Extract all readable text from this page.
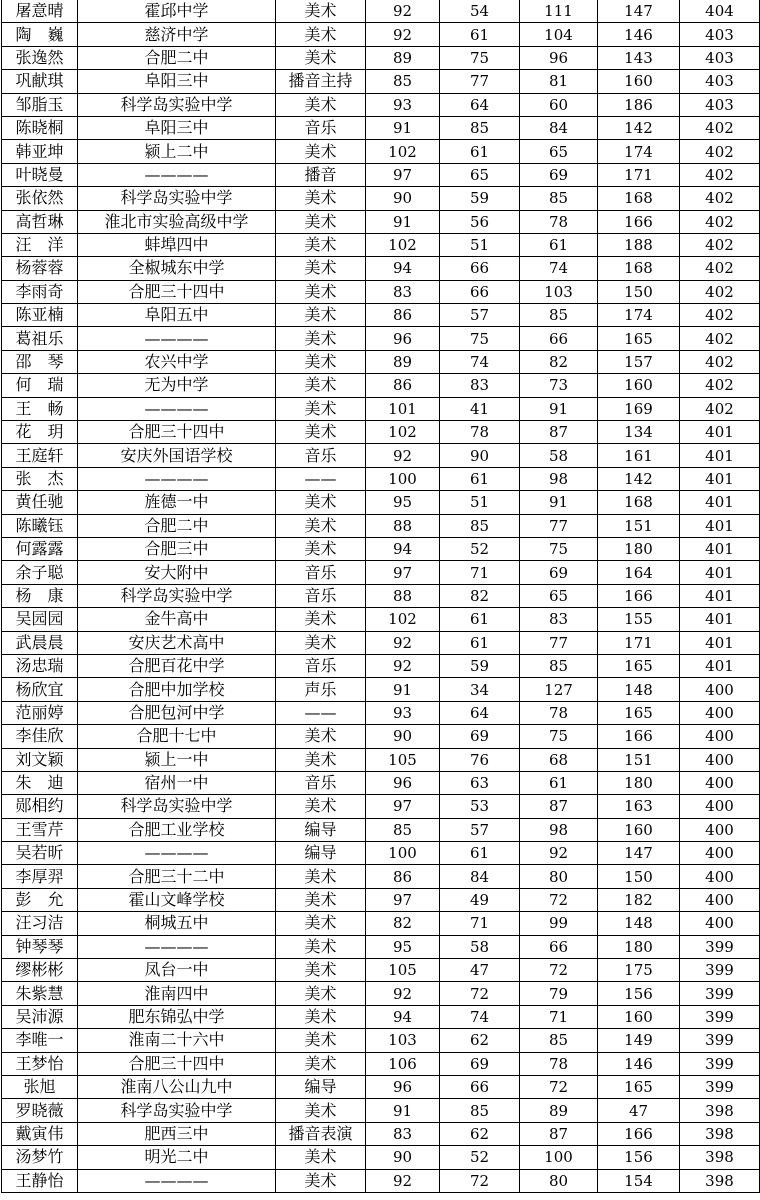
屠意晴	霍邱中学	美术	92	54	111	147	404
陶　巍	慈济中学	美术	92	61	104	146	403
张逸然	合肥二中	美术	89	75	96	143	403
巩献琪	阜阳三中	播音主持	85	77	81	160	403
邹脂玉	科学岛实验中学	美术	93	64	60	186	403
陈晓桐	阜阳三中	音乐	91	85	84	142	402
韩亚坤	颍上二中	美术	102	61	65	174	402
叶晓曼	————	播音	97	65	69	171	402
张依然	科学岛实验中学	美术	90	59	85	168	402
高哲琳	淮北市实验高级中学	美术	91	56	78	166	402
汪　洋	蚌埠四中	美术	102	51	61	188	402
杨蓉蓉	全椒城东中学	美术	94	66	74	168	402
李雨奇	合肥三十四中	美术	83	66	103	150	402
陈亚楠	阜阳五中	美术	86	57	85	174	402
葛祖乐	————	美术	96	75	66	165	402
邵　琴	农兴中学	美术	89	74	82	157	402
何　瑞	无为中学	美术	86	83	73	160	402
王　畅	————	美术	101	41	91	169	402
花　玥	合肥三十四中	美术	102	78	87	134	401
王庭轩	安庆外国语学校	音乐	92	90	58	161	401
张　杰	————	——	100	61	98	142	401
黄任驰	旌德一中	美术	95	51	91	168	401
陈曦钰	合肥二中	美术	88	85	77	151	401
何露露	合肥三中	美术	94	52	75	180	401
余子聪	安大附中	音乐	97	71	69	164	401
杨　康	科学岛实验中学	音乐	88	82	65	166	401
吴园园	金牛高中	美术	102	61	83	155	401
武晨晨	安庆艺术高中	美术	92	61	77	171	401
汤忠瑞	合肥百花中学	音乐	92	59	85	165	401
杨欣宜	合肥中加学校	声乐	91	34	127	148	400
范丽婷	合肥包河中学	——	93	64	78	165	400
李佳欣	合肥十七中	美术	90	69	75	166	400
刘文颖	颍上一中	美术	105	76	68	151	400
朱　迪	宿州一中	音乐	96	63	61	180	400
郧相约	科学岛实验中学	美术	97	53	87	163	400
王雪芹	合肥工业学校	编导	85	57	98	160	400
吴若昕	————	编导	100	61	92	147	400
李厚羿	合肥三十二中	美术	86	84	80	150	400
彭　允	霍山文峰学校	美术	97	49	72	182	400
汪习洁	桐城五中	美术	82	71	99	148	400
钟琴琴	————	美术	95	58	66	180	399
缪彬彬	凤台一中	美术	105	47	72	175	399
朱紫慧	淮南四中	美术	92	72	79	156	399
吴沛源	肥东锦弘中学	美术	94	74	71	160	399
李唯一	淮南二十六中	美术	103	62	85	149	399
王梦怡	合肥三十四中	美术	106	69	78	146	399
张旭	淮南八公山九中	编导	96	66	72	165	399
罗晓薇	科学岛实验中学	美术	91	85	89	47	398
戴寅伟	肥西三中	播音表演	83	62	87	166	398
汤梦竹	明光二中	美术	90	52	100	156	398
王静怡	————	美术	92	72	80	154	398
